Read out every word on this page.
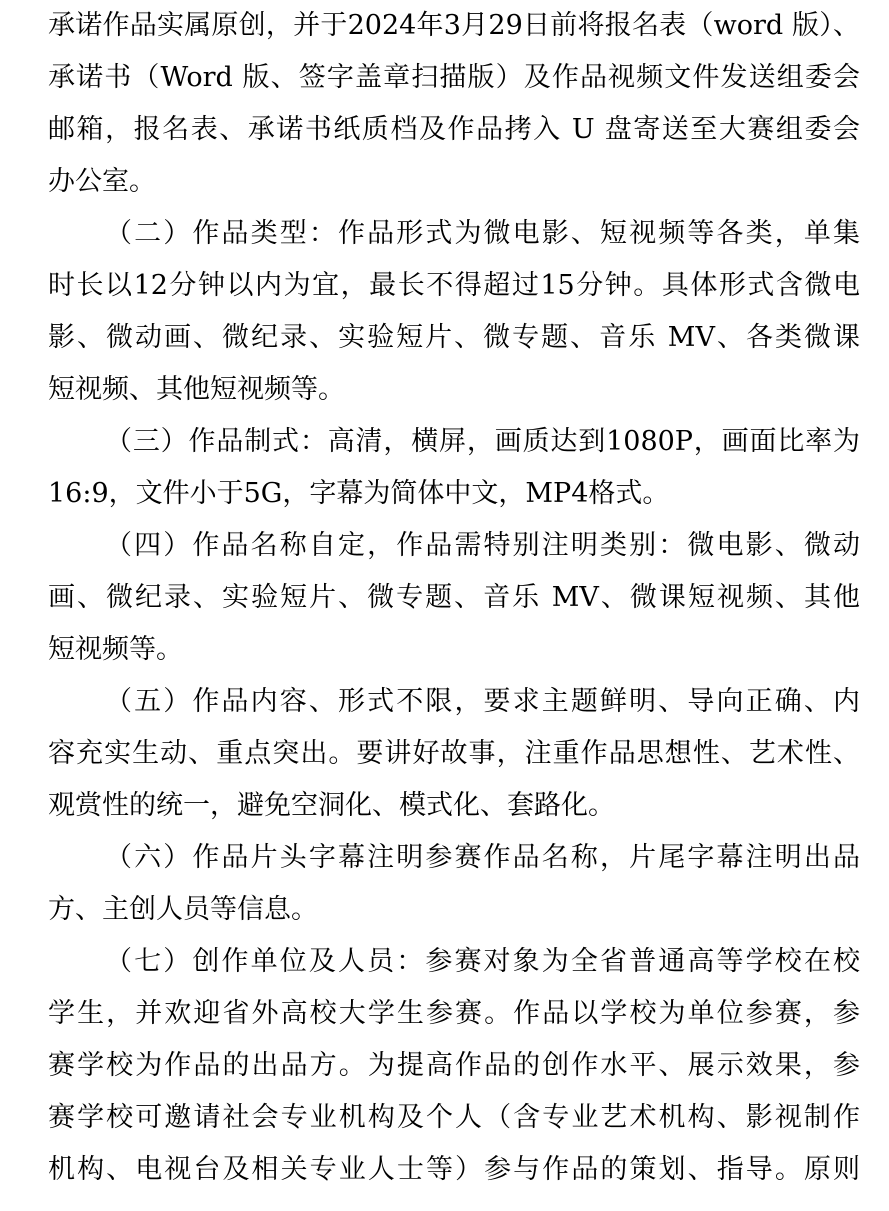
承诺作品实属原创，并于2024年3月29日前将报名表（word 版）、
承诺书（Word 版、签字盖章扫描版）及作品视频文件发送组委会
邮箱，报名表、承诺书纸质档及作品拷入 U 盘寄送至大赛组委会
办公室。
（二）作品类型：作品形式为微电影、短视频等各类，单集
时长以12分钟以内为宜，最长不得超过15分钟。具体形式含微电
影、微动画、微纪录、实验短片、微专题、音乐 MV、各类微课
短视频、其他短视频等。
（三）作品制式：高清，横屏，画质达到1080P，画面比率为
16:9，文件小于5G，字幕为简体中文，MP4格式。
（四）作品名称自定，作品需特别注明类别：微电影、微动
画、微纪录、实验短片、微专题、音乐 MV、微课短视频、其他
短视频等。
（五）作品内容、形式不限，要求主题鲜明、导向正确、内
容充实生动、重点突出。要讲好故事，注重作品思想性、艺术性、
观赏性的统一，避免空洞化、模式化、套路化。
（六）作品片头字幕注明参赛作品名称，片尾字幕注明出品
方、主创人员等信息。
（七）创作单位及人员：参赛对象为全省普通高等学校在校
学生，并欢迎省外高校大学生参赛。作品以学校为单位参赛，参
赛学校为作品的出品方。为提高作品的创作水平、展示效果，参
赛学校可邀请社会专业机构及个人（含专业艺术机构、影视制作
机构、电视台及相关专业人士等）参与作品的策划、指导。原则
